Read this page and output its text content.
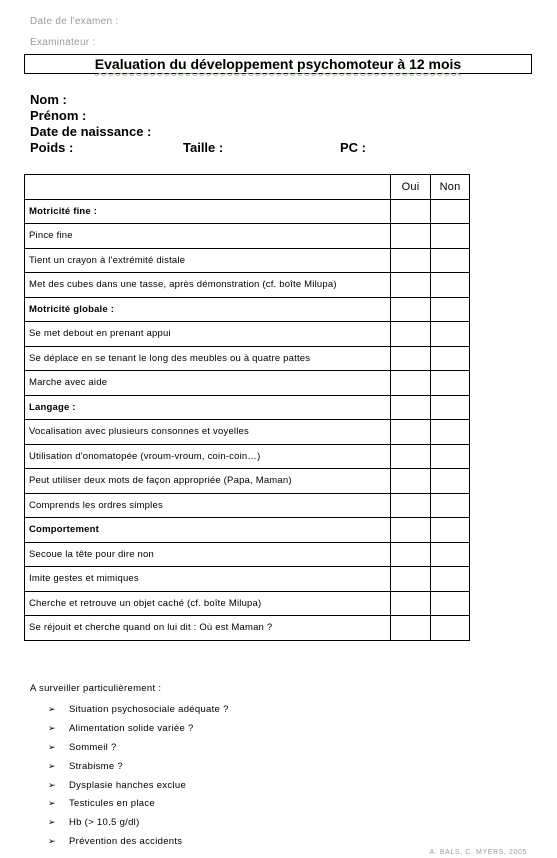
Date de l'examen :
Examinateur :
Evaluation du développement psychomoteur à 12 mois
Nom :
Prénom :
Date de naissance :
Poids :	Taille :	PC :
	Oui	Non
Motricité fine :		
Pince fine		
Tient un crayon à l'extrémité distale		
Met des cubes dans une tasse, après démonstration (cf. boîte Milupa)		
Motricité globale :		
Se met debout en prenant appui		
Se déplace en se tenant le long des meubles ou à quatre pattes		
Marche avec aide		
Langage :		
Vocalisation avec plusieurs consonnes et voyelles		
Utilisation d'onomatopée (vroum-vroum, coin-coin…)		
Peut utiliser deux mots de façon appropriée (Papa, Maman)		
Comprends les ordres simples		
Comportement		
Secoue la tête pour dire non		
Imite gestes et mimiques		
Cherche et retrouve un objet caché (cf. boîte Milupa)		
Se réjouit et cherche quand on lui dit : Où est Maman ?		
A surveiller particulièrement :
➢	Situation psychosociale adéquate ?
➢	Alimentation solide variée ?
➢	Sommeil ?
➢	Strabisme ?
➢	Dysplasie hanches exclue
➢	Testicules en place
➢	Hb (> 10.5 g/dl)
➢	Prévention des accidents
A. BALS, C. MYERS, 2005
